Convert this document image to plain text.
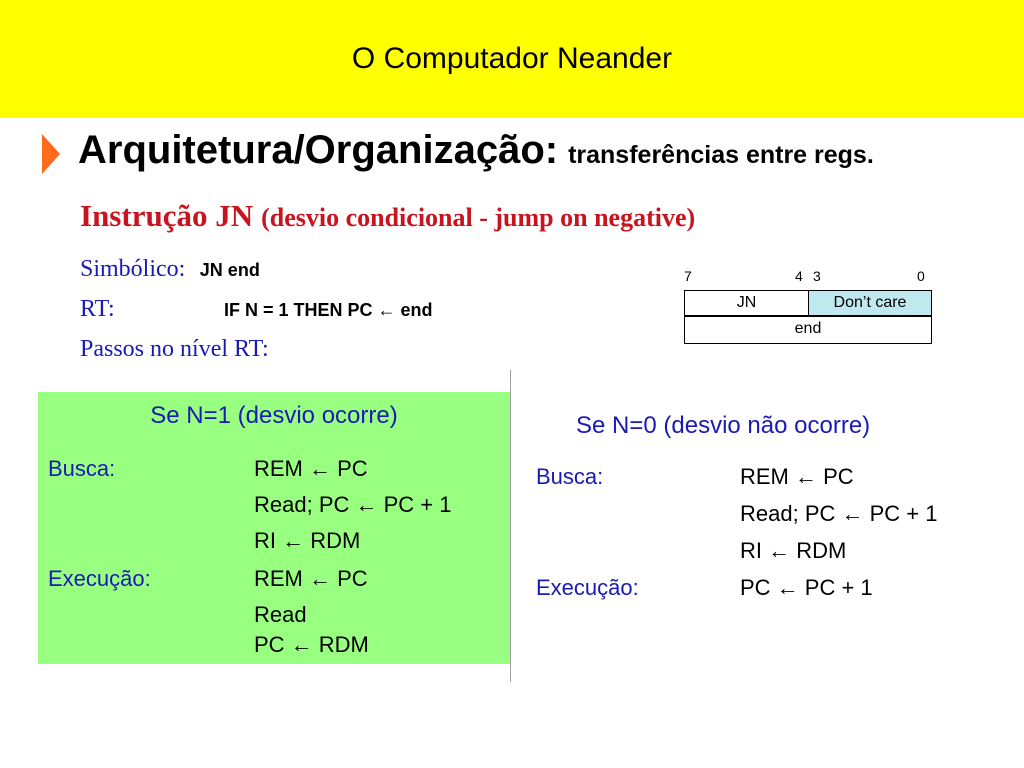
O Computador Neander
Arquitetura/Organização: transferências entre regs.
Instrução JN (desvio condicional - jump on negative)
Simbólico: JN end
RT:	IF N = 1 THEN PC ← end
Passos no nível RT:
7	4 3	0
JN	Don’t care
end
Se N=1 (desvio ocorre)
Busca:	REM ← PC
Read; PC ← PC + 1
RI ← RDM
Execução:	REM ← PC
Read
PC ← RDM
Se N=0 (desvio não ocorre)
Busca:	REM ← PC
Read; PC ← PC + 1
RI ← RDM
Execução:	PC ← PC + 1
